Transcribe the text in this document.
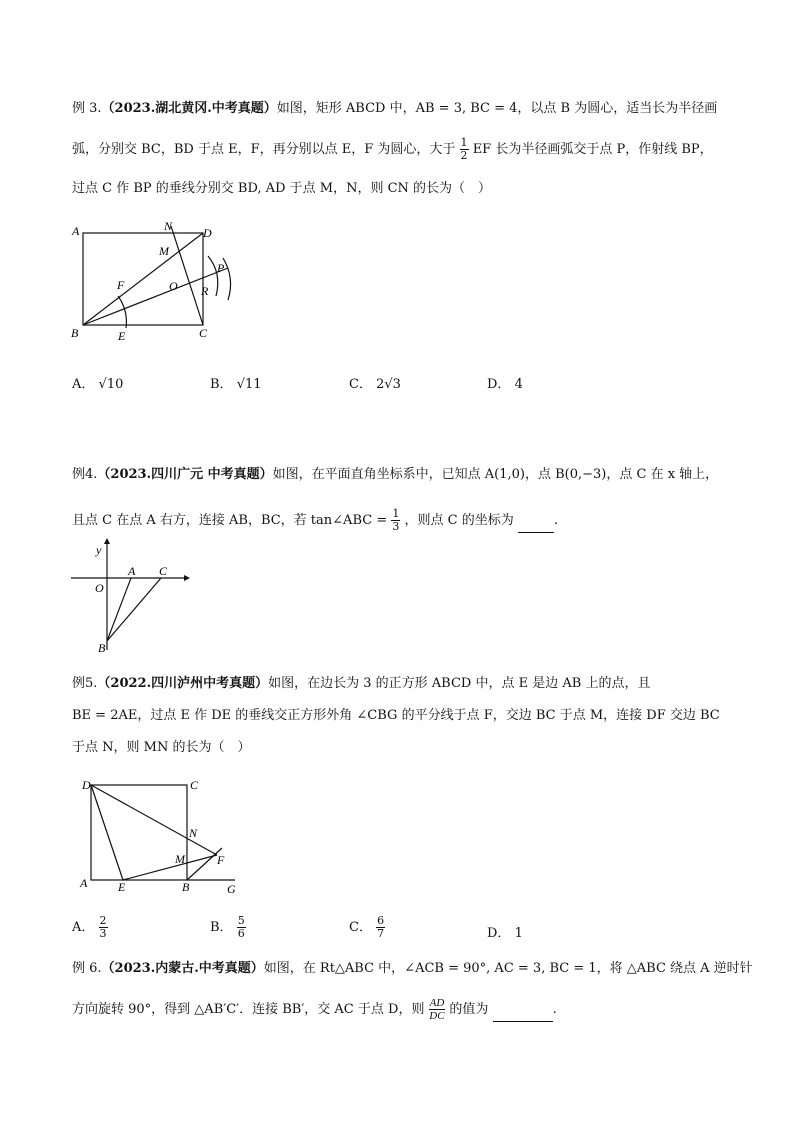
例 3.（2023.湖北黄冈.中考真题）如图，矩形 ABCD 中，AB = 3, BC = 4，以点 B 为圆心，适当长为半径画
弧，分别交 BC，BD 于点 E，F，再分别以点 E，F 为圆心，大于 $\frac{1}{2}$ EF 长为半径画弧交于点 P，作射线 BP，
过点 C 作 BP 的垂线分别交 BD, AD 于点 M，N，则 CN 的长为（　）
A	N	D
M
P
F	O R
B	E	C
A． √10	B． √11	C． 2√3	D． 4
例4.（2023.四川广元 中考真题）如图，在平面直角坐标系中，已知点 A(1,0)，点 B(0,−3)，点 C 在 x 轴上，
且点 C 在点 A 右方，连接 AB，BC，若 tan∠ABC = $\frac{1}{3}$ ，则点 C 的坐标为	.
y
A C
O
B
例5.（2022.四川泸州中考真题）如图，在边长为 3 的正方形 ABCD 中，点 E 是边 AB 上的点，且
BE = 2AE，过点 E 作 DE 的垂线交正方形外角 ∠CBG 的平分线于点 F，交边 BC 于点 M，连接 DF 交边 BC
于点 N，则 MN 的长为（　）
D	C
N
M	F
A	E	B	G
A． $\frac{2}{3}$	B． $\frac{5}{6}$	C． $\frac{6}{7}$	D． 1
例 6.（2023.内蒙古.中考真题）如图，在 Rt△ABC 中，∠ACB = 90°, AC = 3, BC = 1，将 △ABC 绕点 A 逆时针
方向旋转 90°，得到 △AB′C′．连接 BB′，交 AC 于点 D，则 $\frac{AD}{DC}$ 的值为	.
